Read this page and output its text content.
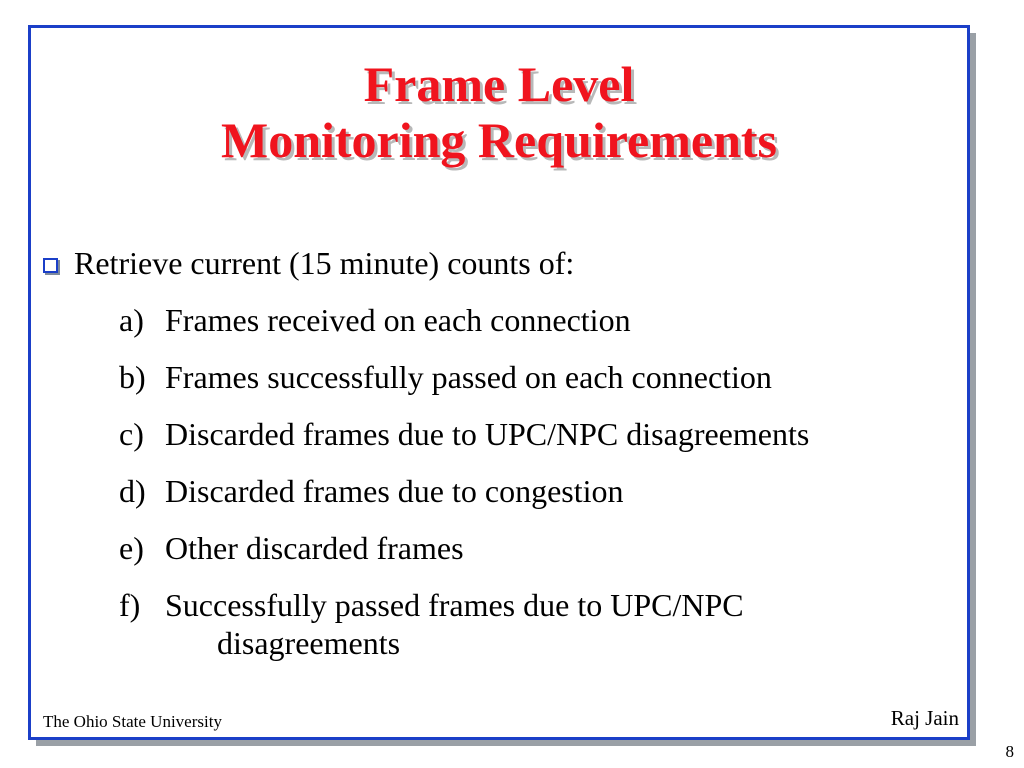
Frame Level
Monitoring Requirements
Retrieve current (15 minute) counts of:
a) Frames received on each connection
b) Frames successfully passed on each connection
c) Discarded frames due to UPC/NPC disagreements
d) Discarded frames due to congestion
e) Other discarded frames
f) Successfully passed frames due to UPC/NPC
disagreements
The Ohio State University	Raj Jain
8
